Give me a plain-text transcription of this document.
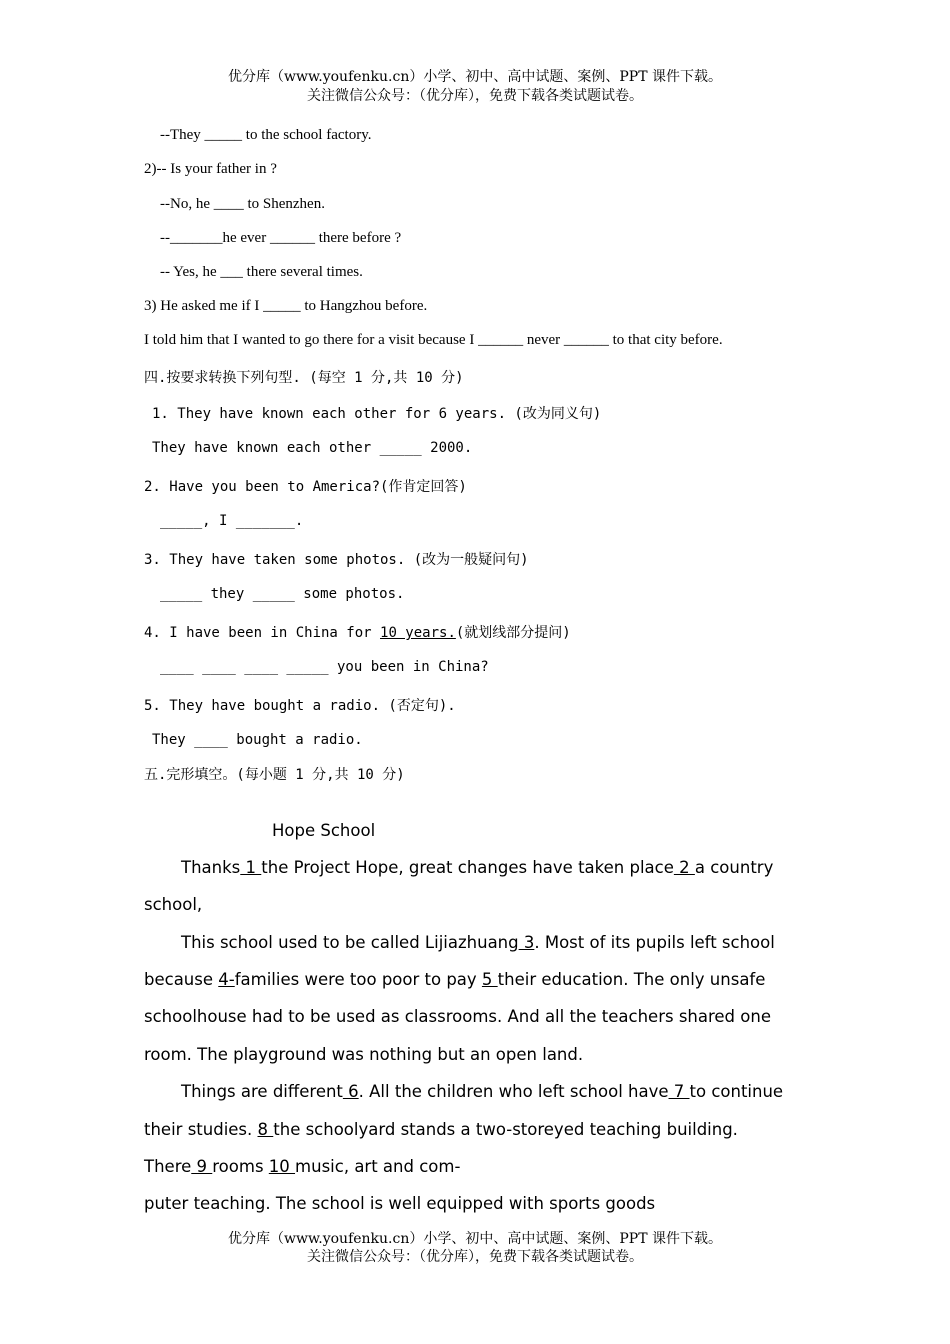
优分库（www.youfenku.cn）小学、初中、高中试题、案例、PPT 课件下载。
关注微信公众号：（优分库），免费下载各类试题试卷。
--They _____ to the school factory.
2)-- Is your father in ?
--No, he ____ to Shenzhen.
--_______he ever ______ there before ?
-- Yes, he ___ there several times.
3) He asked me if I _____ to Hangzhou before.
I told him that I wanted to go there for a visit because I ______ never ______ to that city before.
四.按要求转换下列句型. (每空 1 分,共 10 分)
1. They have known each other for 6 years. (改为同义句)
They have known each other _____ 2000.
2. Have you been to America?(作肯定回答)
_____, I _______.
3. They have taken some photos. (改为一般疑问句)
_____ they _____ some photos.
4. I have been in China for 10 years.(就划线部分提问)
____ ____ ____ _____ you been in China?
5. They have bought a radio. (否定句).
They ____ bought a radio.
五.完形填空。(每小题 1 分,共 10 分)
Hope School
Thanks 1 the Project Hope, great changes have taken place 2 a country
school,
This school used to be called Lijiazhuang 3. Most of its pupils left school
because 4-families were too poor to pay 5 their education. The only unsafe
schoolhouse had to be used as classrooms. And all the teachers shared one
room. The playground was nothing but an open land.
Things are different 6. All the children who left school have 7 to continue
their studies. 8 the schoolyard stands a two-storeyed teaching building.
There 9 rooms 10 music, art and com-
puter teaching. The school is well equipped with sports goods
优分库（www.youfenku.cn）小学、初中、高中试题、案例、PPT 课件下载。
关注微信公众号：（优分库），免费下载各类试题试卷。
